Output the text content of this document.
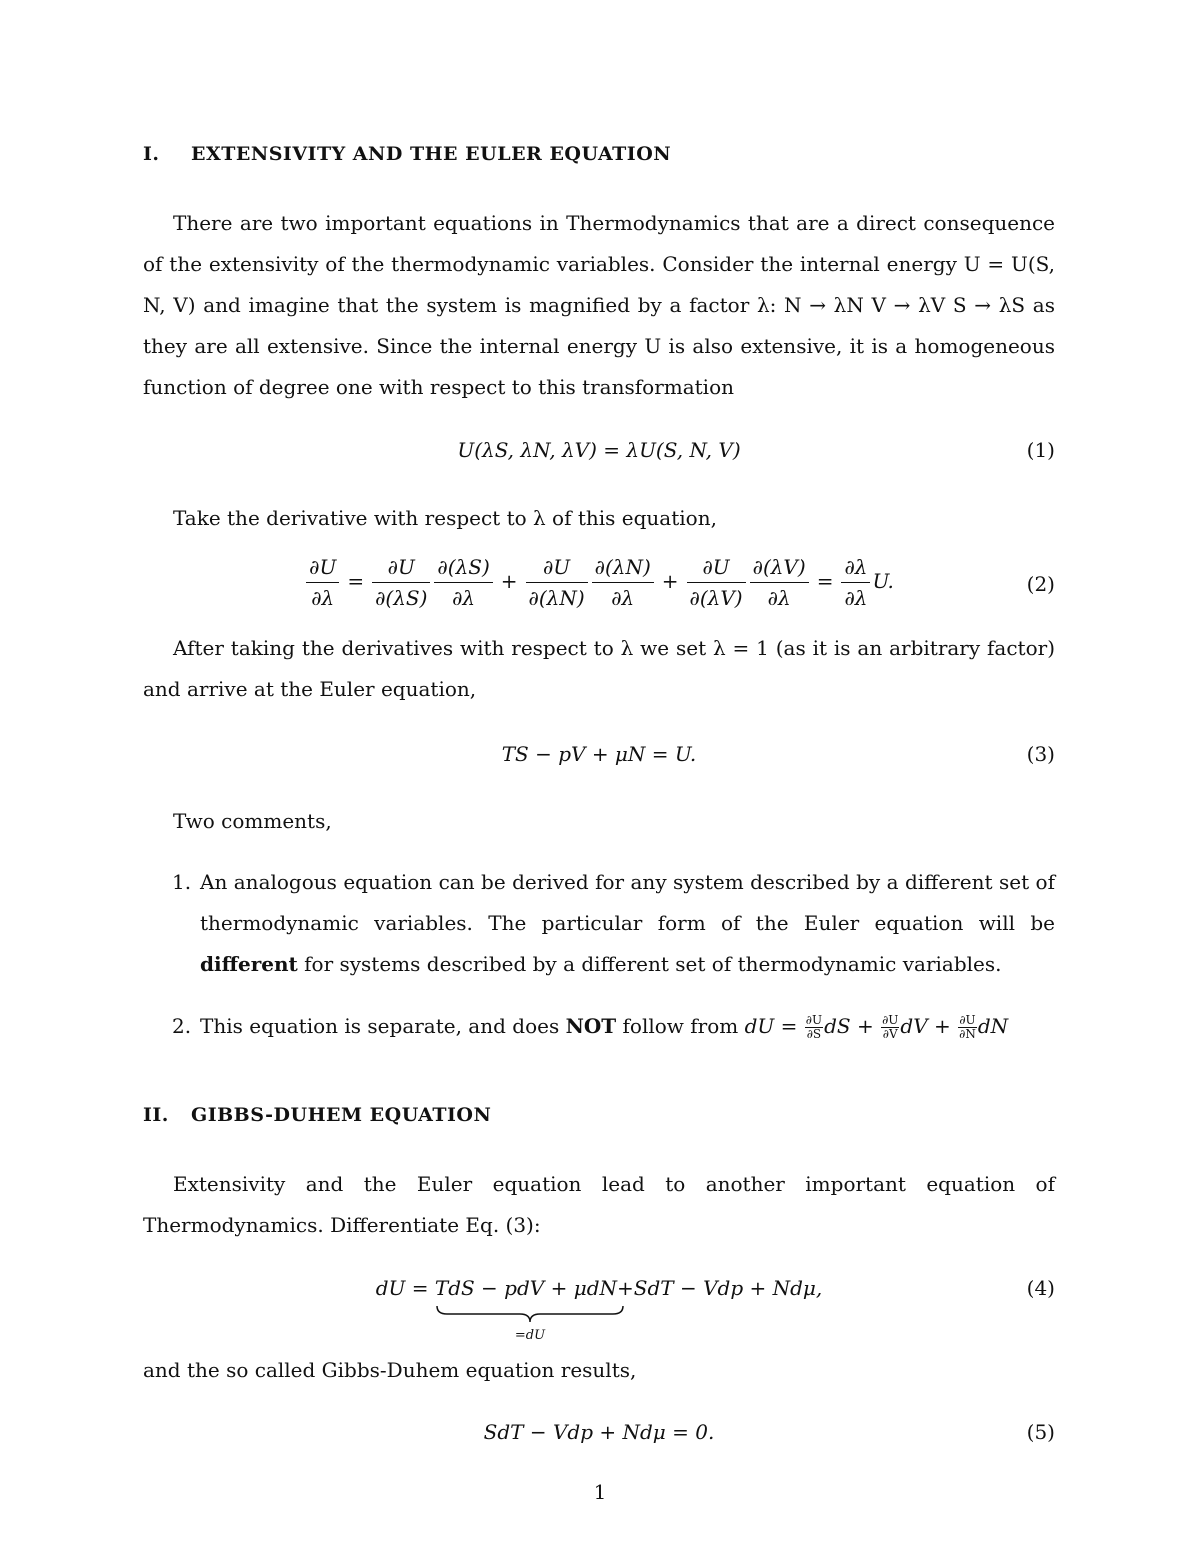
I. EXTENSIVITY AND THE EULER EQUATION

There are two important equations in Thermodynamics that are a direct consequence of the extensivity of the thermodynamic variables. Consider the internal energy U = U(S, N, V) and imagine that the system is magnified by a factor λ: N → λN V → λV S → λS as they are all extensive. Since the internal energy U is also extensive, it is a homogeneous function of degree one with respect to this transformation

U(λS, λN, λV) = λU(S, N, V)	(1)

Take the derivative with respect to λ of this equation,

$\frac{\partial U}{\partial\lambda} = \frac{\partial U}{\partial(\lambda S)} \frac{\partial(\lambda S)}{\partial\lambda} + \frac{\partial U}{\partial(\lambda N)} \frac{\partial(\lambda N)}{\partial\lambda} + \frac{\partial U}{\partial(\lambda V)} \frac{\partial(\lambda V)}{\partial\lambda} = \frac{\partial\lambda}{\partial\lambda} U$.	(2)

After taking the derivatives with respect to λ we set λ = 1 (as it is an arbitrary factor) and arrive at the Euler equation,

TS − pV + μN = U.	(3)

Two comments,

1. An analogous equation can be derived for any system described by a different set of thermodynamic variables. The particular form of the Euler equation will be different for systems described by a different set of thermodynamic variables.
2. This equation is separate, and does NOT follow from dU = $\frac{\partial U}{\partial S}$ dS + $\frac{\partial U}{\partial V}$ dV + $\frac{\partial U}{\partial N}$ dN
II. GIBBS-DUHEM EQUATION

Extensivity and the Euler equation lead to another important equation of Thermodynamics. Differentiate Eq. (3):

dU = TdS − pdV + μdN
=dU
+SdT − Vdp + Ndμ,	(4)

and the so called Gibbs-Duhem equation results,

SdT − Vdp + Ndμ = 0.	(5)
1
